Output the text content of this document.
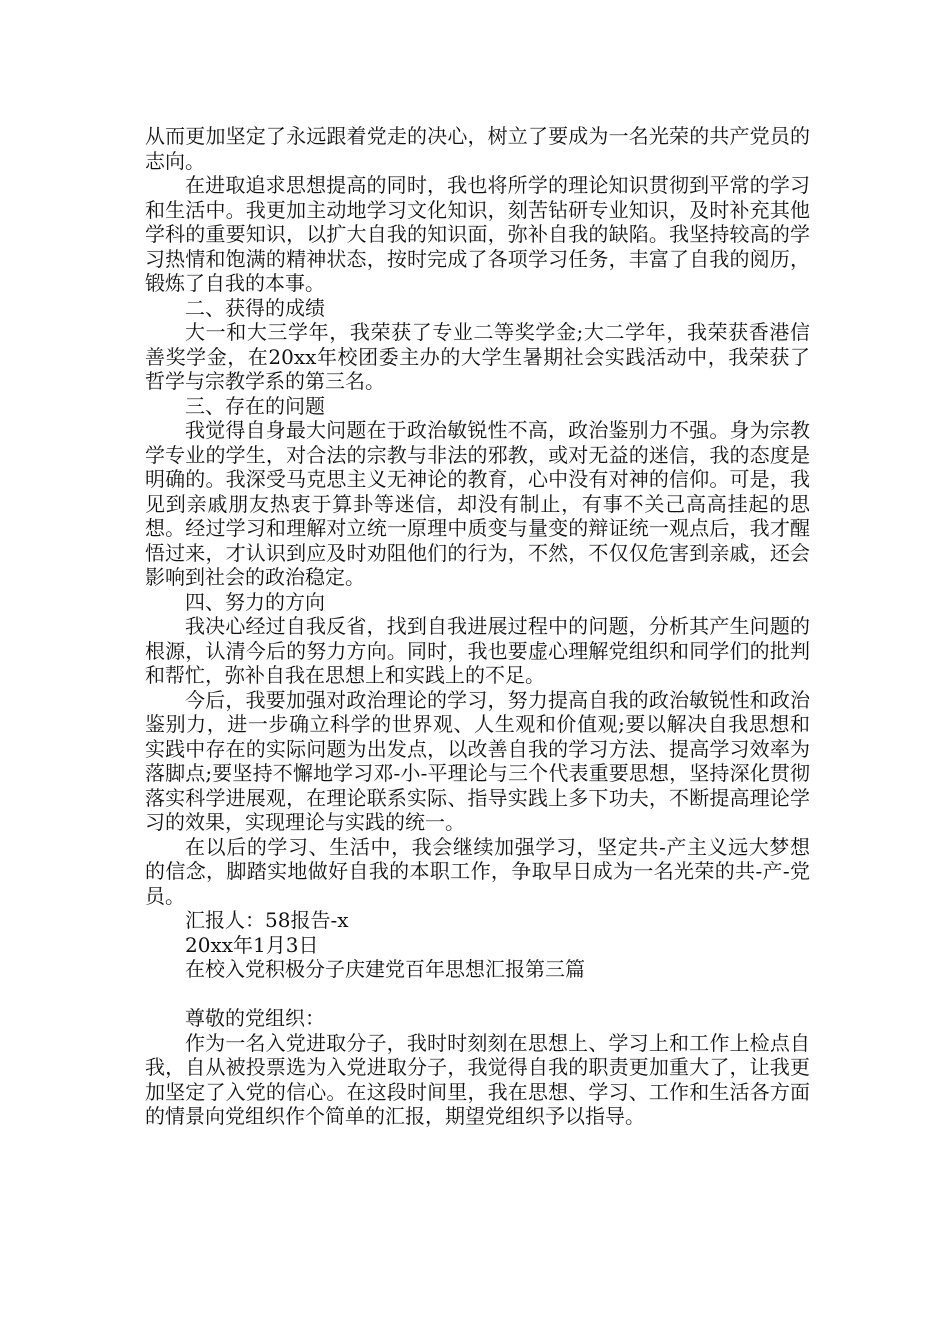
从而更加坚定了永远跟着党走的决心，树立了要成为一名光荣的共产党员的志向。

在进取追求思想提高的同时，我也将所学的理论知识贯彻到平常的学习和生活中。我更加主动地学习文化知识，刻苦钻研专业知识，及时补充其他学科的重要知识，以扩大自我的知识面，弥补自我的缺陷。我坚持较高的学习热情和饱满的精神状态，按时完成了各项学习任务，丰富了自我的阅历，锻炼了自我的本事。

二、获得的成绩

大一和大三学年，我荣获了专业二等奖学金;大二学年，我荣获香港信善奖学金，在20xx年校团委主办的大学生暑期社会实践活动中，我荣获了哲学与宗教学系的第三名。

三、存在的问题

我觉得自身最大问题在于政治敏锐性不高，政治鉴别力不强。身为宗教学专业的学生，对合法的宗教与非法的邪教，或对无益的迷信，我的态度是明确的。我深受马克思主义无神论的教育，心中没有对神的信仰。可是，我见到亲戚朋友热衷于算卦等迷信，却没有制止，有事不关己高高挂起的思想。经过学习和理解对立统一原理中质变与量变的辩证统一观点后，我才醒悟过来，才认识到应及时劝阻他们的行为，不然，不仅仅危害到亲戚，还会影响到社会的政治稳定。

四、努力的方向

我决心经过自我反省，找到自我进展过程中的问题，分析其产生问题的根源，认清今后的努力方向。同时，我也要虚心理解党组织和同学们的批判和帮忙，弥补自我在思想上和实践上的不足。

今后，我要加强对政治理论的学习，努力提高自我的政治敏锐性和政治鉴别力，进一步确立科学的世界观、人生观和价值观;要以解决自我思想和实践中存在的实际问题为出发点，以改善自我的学习方法、提高学习效率为落脚点;要坚持不懈地学习邓-小-平理论与三个代表重要思想，坚持深化贯彻落实科学进展观，在理论联系实际、指导实践上多下功夫，不断提高理论学习的效果，实现理论与实践的统一。

在以后的学习、生活中，我会继续加强学习，坚定共-产主义远大梦想的信念，脚踏实地做好自我的本职工作，争取早日成为一名光荣的共-产-党员。

汇报人：58报告-x

20xx年1月3日

在校入党积极分子庆建党百年思想汇报第三篇

尊敬的党组织：

作为一名入党进取分子，我时时刻刻在思想上、学习上和工作上检点自我，自从被投票选为入党进取分子，我觉得自我的职责更加重大了，让我更加坚定了入党的信心。在这段时间里，我在思想、学习、工作和生活各方面的情景向党组织作个简单的汇报，期望党组织予以指导。
